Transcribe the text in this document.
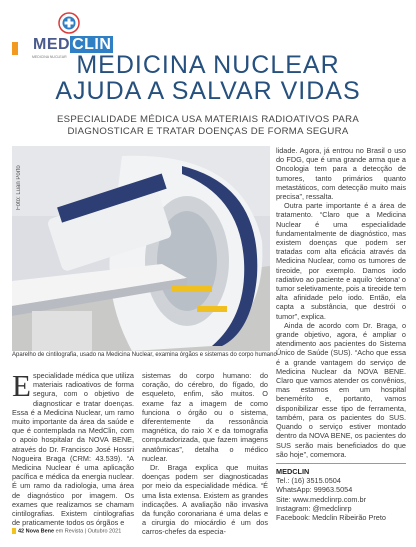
MED CLIN
MEDICINA NUCLEAR MEDICINA NUCLEAR
AJUDA A SALVAR VIDAS
ESPECIALIDADE MÉDICA USA MATERIAIS RADIOATIVOS PARA DIAGNOSTICAR E TRATAR DOENÇAS DE FORMA SEGURA
Foto: Luan Porto
Aparelho de cintilografia, usado na Medicina Nuclear, examina órgãos e sistemas do corpo humano
Especialidade médica que utiliza materiais radioativos de forma segura, com o objetivo de diagnosticar e tratar doenças. Essa é a Medicina Nuclear, um ramo muito importante da área da saúde e que é contemplada na MedClin, com o apoio hospitalar da NOVA BENE, através do Dr. Francisco José Hossri Nogueira Braga (CRM: 43.539). “A Medicina Nuclear é uma aplicação pacífica e médica da energia nuclear. É um ramo da radiologia, uma área de diagnóstico por imagem. Os exames que realizamos se chamam cintilografias. Existem cintilografias de praticamente todos os órgãos e

sistemas do corpo humano: do coração, do cérebro, do fígado, do esqueleto, enfim, são muitos. O exame faz a imagem de como funciona o órgão ou o sistema, diferentemente da ressonância magnética, do raio X e da tomografia computadorizada, que fazem imagens anatômicas”, detalha o médico nuclear.

Dr. Braga explica que muitas doenças podem ser diagnosticadas por meio da especialidade médica. “É uma lista extensa. Existem as grandes indicações. A avaliação não invasiva da função coronariana é uma delas e a cirurgia do miocárdio é um dos carros-chefes da especia-

lidade. Agora, já entrou no Brasil o uso do FDG, que é uma grande arma que a Oncologia tem para a detecção de tumores, tanto primários quanto metastáticos, com detecção muito mais precisa”, ressalta.

Outra parte importante é a área de tratamento. “Claro que a Medicina Nuclear é uma especialidade fundamentalmente de diagnóstico, mas existem doenças que podem ser tratadas com alta eficácia através da Medicina Nuclear, como os tumores de tireoide, por exemplo. Damos iodo radiativo ao paciente e aquilo ‘detona’ o tumor seletivamente, pois a tireoide tem alta afinidade pelo iodo. Então, ela capta a substância, que destrói o tumor”, explica.

Ainda de acordo com Dr. Braga, o grande objetivo, agora, é ampliar o atendimento aos pacientes do Sistema Único de Saúde (SUS). “Acho que essa é a grande vantagem do serviço de Medicina Nuclear da NOVA BENE. Claro que vamos atender os convênios, mas estamos em um hospital beneméríto e, portanto, vamos disponibilizar esse tipo de ferramenta, também, para os pacientes do SUS. Quando o serviço estiver montado dentro da NOVA BENE, os pacientes do SUS serão mais beneficiados do que são hoje”, comemora.

MEDCLIN
Tel.: (16) 3515.0504
WhatsApp: 99963.5054
Site: www.medclinrp.com.br
Instagram: @medclinrp
Facebook: Medclin Ribeirão Preto
42 Nova Bene em Revista | Outubro 2021
